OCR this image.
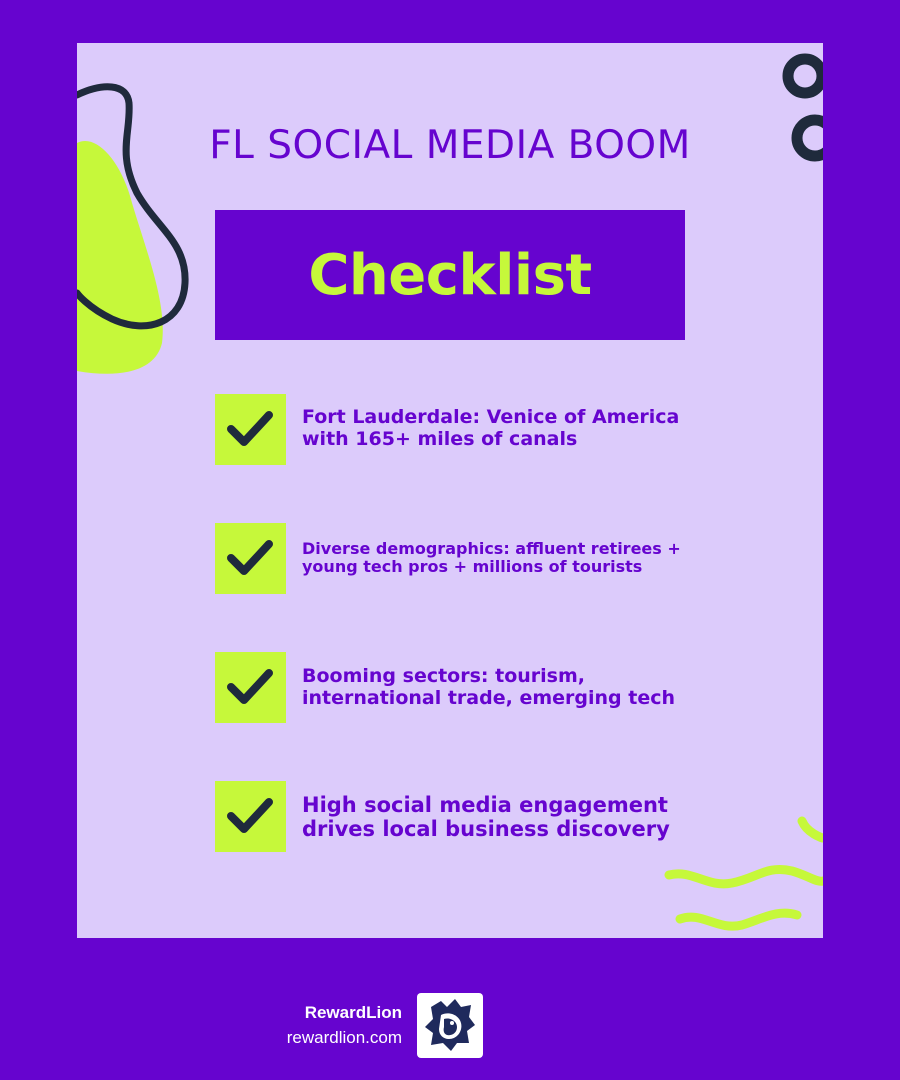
FL SOCIAL MEDIA BOOM
Checklist
Fort Lauderdale: Venice of America with 165+ miles of canals
Diverse demographics: affluent retirees + young tech pros + millions of tourists
Booming sectors: tourism, international trade, emerging tech
High social media engagement drives local business discovery
RewardLion
rewardlion.com
